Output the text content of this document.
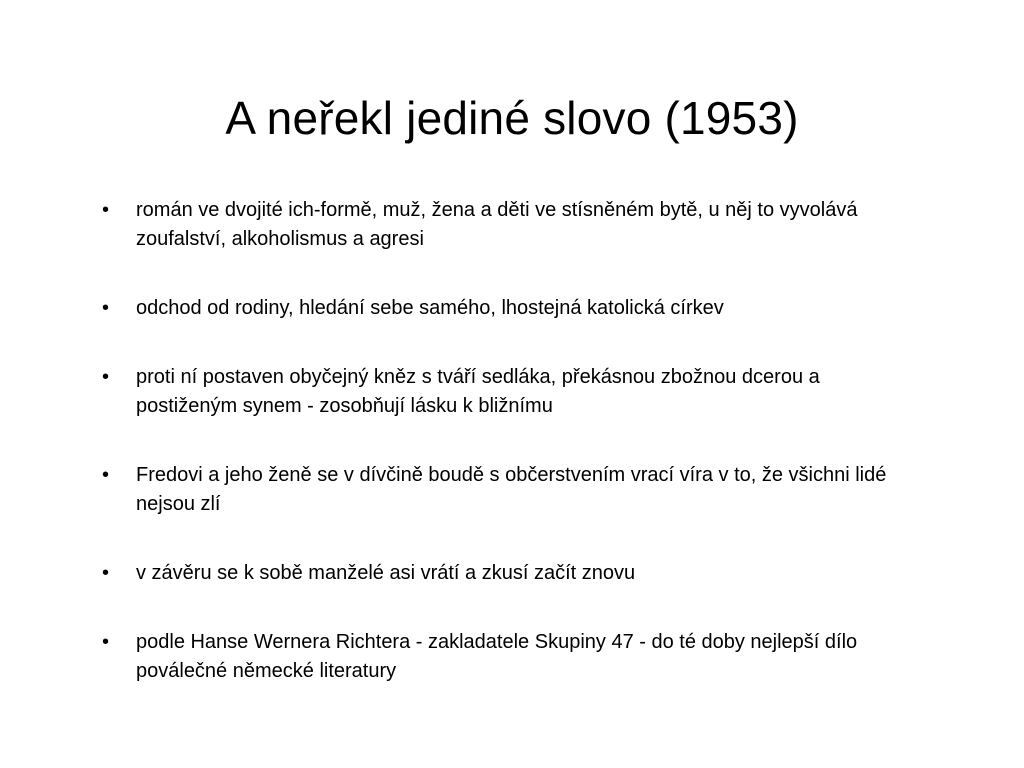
A neřekl jediné slovo (1953)
•	román ve dvojité ich-formě, muž, žena a děti ve stísněném bytě, u něj to vyvolává zoufalství, alkoholismus a agresi
•	odchod od rodiny, hledání sebe samého, lhostejná katolická církev
•	proti ní postaven obyčejný kněz s tváří sedláka, překásnou zbožnou dcerou a postiženým synem - zosobňují lásku k bližnímu
•	Fredovi a jeho ženě se v dívčině boudě s občerstvením vrací víra v to, že všichni lidé nejsou zlí
•	v závěru se k sobě manželé asi vrátí a zkusí začít znovu
•	podle Hanse Wernera Richtera - zakladatele Skupiny 47 - do té doby nejlepší dílo poválečné německé literatury
